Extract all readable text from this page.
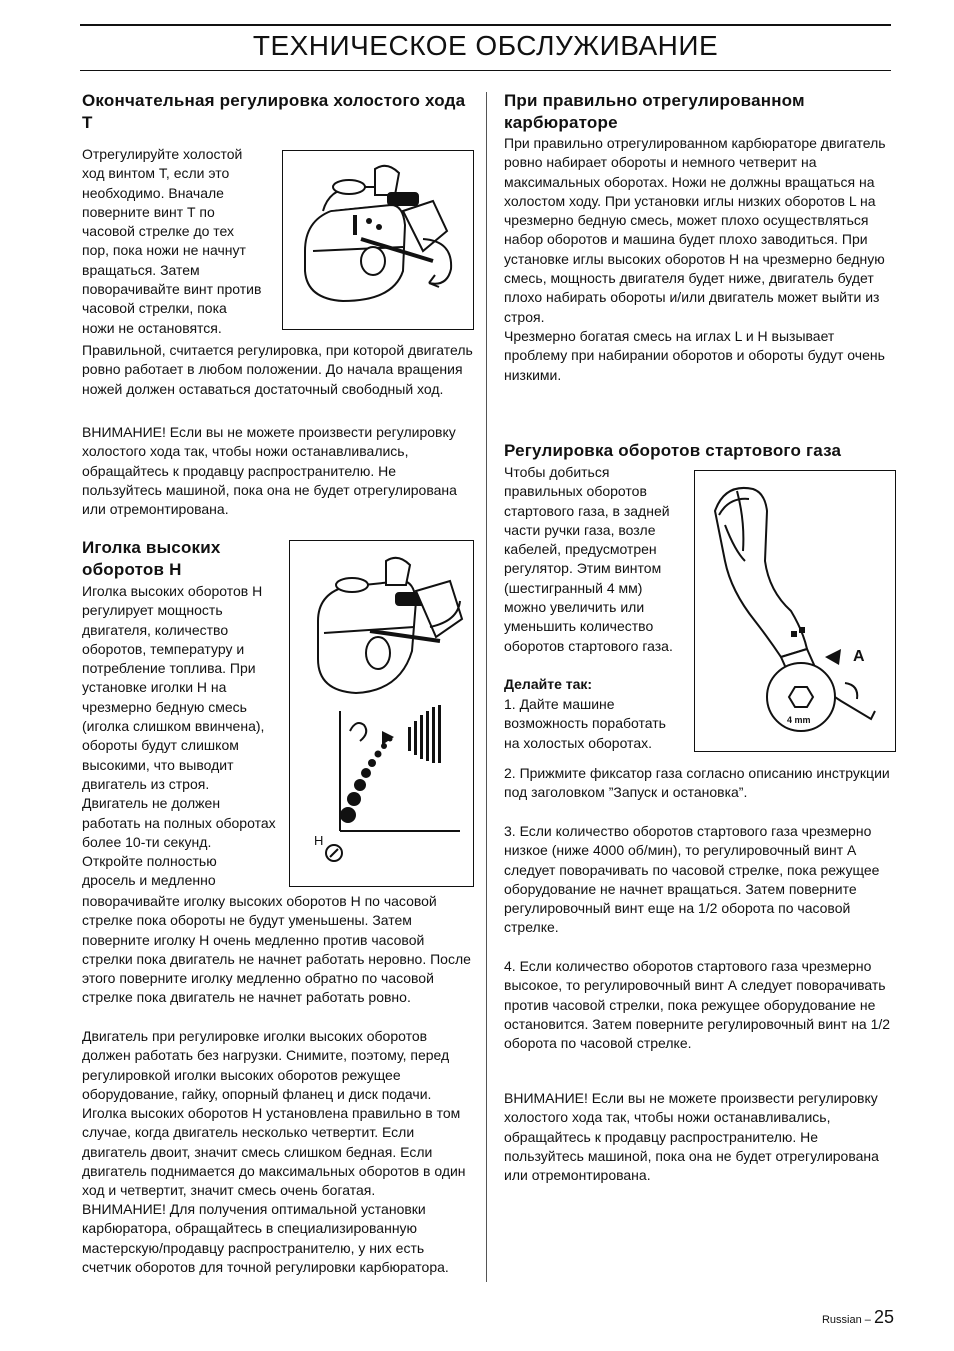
ТЕХНИЧЕСКОЕ ОБСЛУЖИВАНИЕ
Окончательная регулировка холостого хода Т

Отрегулируйте холостой

ход винтом Т, если это

необходимо. Вначале

поверните винт Т по

часовой стрелке до тех

пор, пока ножи не начнут

вращаться. Затем

поворачивайте винт против

часовой стрелки, пока

ножи не остановятся.

Правильной, считается регулировка, при которой двигатель ровно работает в любом положении. До начала вращения ножей должен оставаться достаточный свободный ход.

ВНИМАНИЕ! Если вы не можете произвести регулировку холостого хода так, чтобы ножи останавливались, обращайтесь к продавцу распространителю. Не пользуйтесь машиной, пока она не будет отрегулирована или отремонтирована.

Иголка высоких оборотов H

Иголка высоких оборотов Н

регулирует мощность

двигателя, количество

оборотов, температуру и

потребление топлива. При

установке иголки Н на

чрезмерно бедную смесь

(иголка слишком ввинчена),

обороты будут слишком

высокими, что выводит

двигатель из строя.

Двигатель не должен

работать на полных оборотах

более 10-ти секунд.

Откройте полностью

дросель и медленно

H

поворачивайте иголку высоких оборотов Н по часовой стрелке пока обороты не будут уменьшены. Затем поверните иголку Н очень медленно против часовой стрелки пока двигатель не начнет работать неровно. После этого поверните иголку медленно обратно по часовой стрелке пока двигатель не начнет работать ровно.

Двигатель при регулировке иголки высоких оборотов должен работать без нагрузки. Снимите, поэтому, перед регулировкой иголки высоких оборотов режущее оборудование, гайку, опорный фланец и диск подачи.

Иголка высоких оборотов Н установлена правильно в том случае, когда двигатель несколько четвертит. Если двигатель двоит, значит смесь слишком бедная. Если двигатель поднимается до максимальных оборотов в один ход и четвертит, значит смесь очень богатая.

ВНИМАНИЕ! Для получения оптимальной установки карбюратора, обращайтесь в специализированную мастерскую/продавцу распространителю, у них есть счетчик оборотов для точной регулировки карбюратора.

При правильно отрегулированном карбюраторе

При правильно отрегулированном карбюраторе двигатель ровно набирает обороты и немного четверит на максимальных оборотах. Ножи не должны вращаться на холостом ходу. При установки иглы низких оборотов L на чрезмерно бедную смесь, может плохо осуществляться набор оборотов и машина будет плохо заводиться. При установке иглы высоких оборотов Н на чрезмерно бедную смесь, мощность двигателя будет ниже, двигатель будет плохо набирать обороты и/или двигатель может выйти из строя.

Чрезмерно богатая смесь на иглах L и H вызывает проблему при набирании оборотов и обороты будут очень низкими.

Регулировка оборотов стартового газа

Чтобы добиться

правильных оборотов

стартового газа, в задней

части ручки газа, возле

кабелей, предусмотрен

регулятор. Этим винтом

(шестигранный 4 мм)

можно увеличить или

уменьшить количество

оборотов стартового газа.

Делайте так:

1. Дайте машине

возможность поработать

на холостых оборотах.

A
4 mm

2. Прижмите фиксатор газа согласно описанию инструкции под заголовком ”Запуск и остановка”.

3. Если количество оборотов стартового газа чрезмерно низкое (ниже 4000 об/мин), то регулировочный винт А следует поворачивать по часовой стрелке, пока режущее оборудование не начнет вращаться. Затем поверните регулировочный винт еще на 1/2 оборота по часовой стрелке.

4. Если количество оборотов стартового газа чрезмерно высокое, то регулировочный винт А следует поворачивать против часовой стрелки, пока режущее оборудование не остановится. Затем поверните регулировочный винт на 1/2 оборота по часовой стрелке.

ВНИМАНИЕ! Если вы не можете произвести регулировку холостого хода так, чтобы ножи останавливались, обращайтесь к продавцу распространителю. Не пользуйтесь машиной, пока она не будет отрегулирована или отремонтирована.

Russian – 25
